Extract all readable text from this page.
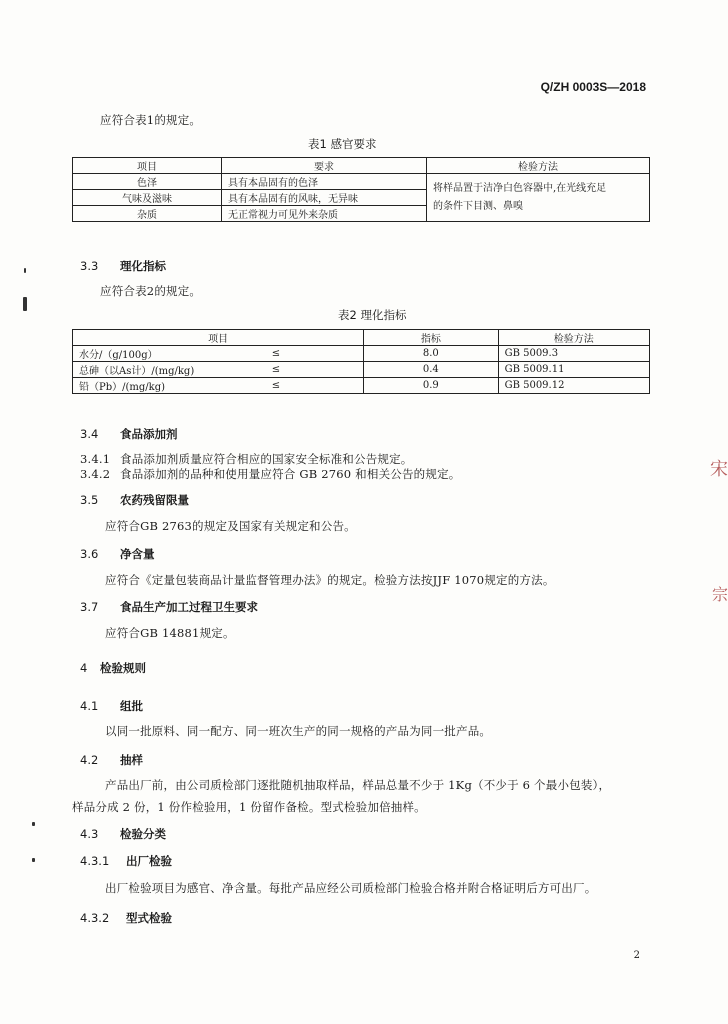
Q/ZH 0003S—2018
应符合表1的规定。
表1 感官要求
项目	要求	检验方法
色泽	具有本品固有的色泽	将样品置于洁净白色容器中,在光线充足
的条件下目测、鼻嗅

气味及滋味	具有本品固有的风味，无异味	
杂质	无正常视力可见外来杂质	
3.3 理化指标
应符合表2的规定。
表2 理化指标
项目		指标	检验方法
水分/（g/100g）	≤	8.0	GB 5009.3
总砷（以As计）/(mg/kg)	≤	0.4	GB 5009.11
铅（Pb）/(mg/kg)	≤	0.9	GB 5009.12
3.4 食品添加剂
3.4.1 食品添加剂质量应符合相应的国家安全标准和公告规定。
3.4.2 食品添加剂的品种和使用量应符合 GB 2760 和相关公告的规定。
3.5 农药残留限量
应符合GB 2763的规定及国家有关规定和公告。
3.6 净含量
应符合《定量包装商品计量监督管理办法》的规定。检验方法按JJF 1070规定的方法。
3.7 食品生产加工过程卫生要求
应符合GB 14881规定。
4 检验规则
4.1 组批
以同一批原料、同一配方、同一班次生产的同一规格的产品为同一批产品。
4.2 抽样
产品出厂前，由公司质检部门逐批随机抽取样品，样品总量不少于 1Kg（不少于 6 个最小包装），
样品分成 2 份，1 份作检验用，1 份留作备检。型式检验加倍抽样。
4.3 检验分类
4.3.1 出厂检验
出厂检验项目为感官、净含量。每批产品应经公司质检部门检验合格并附合格证明后方可出厂。
4.3.2 型式检验
2
宋
宗
